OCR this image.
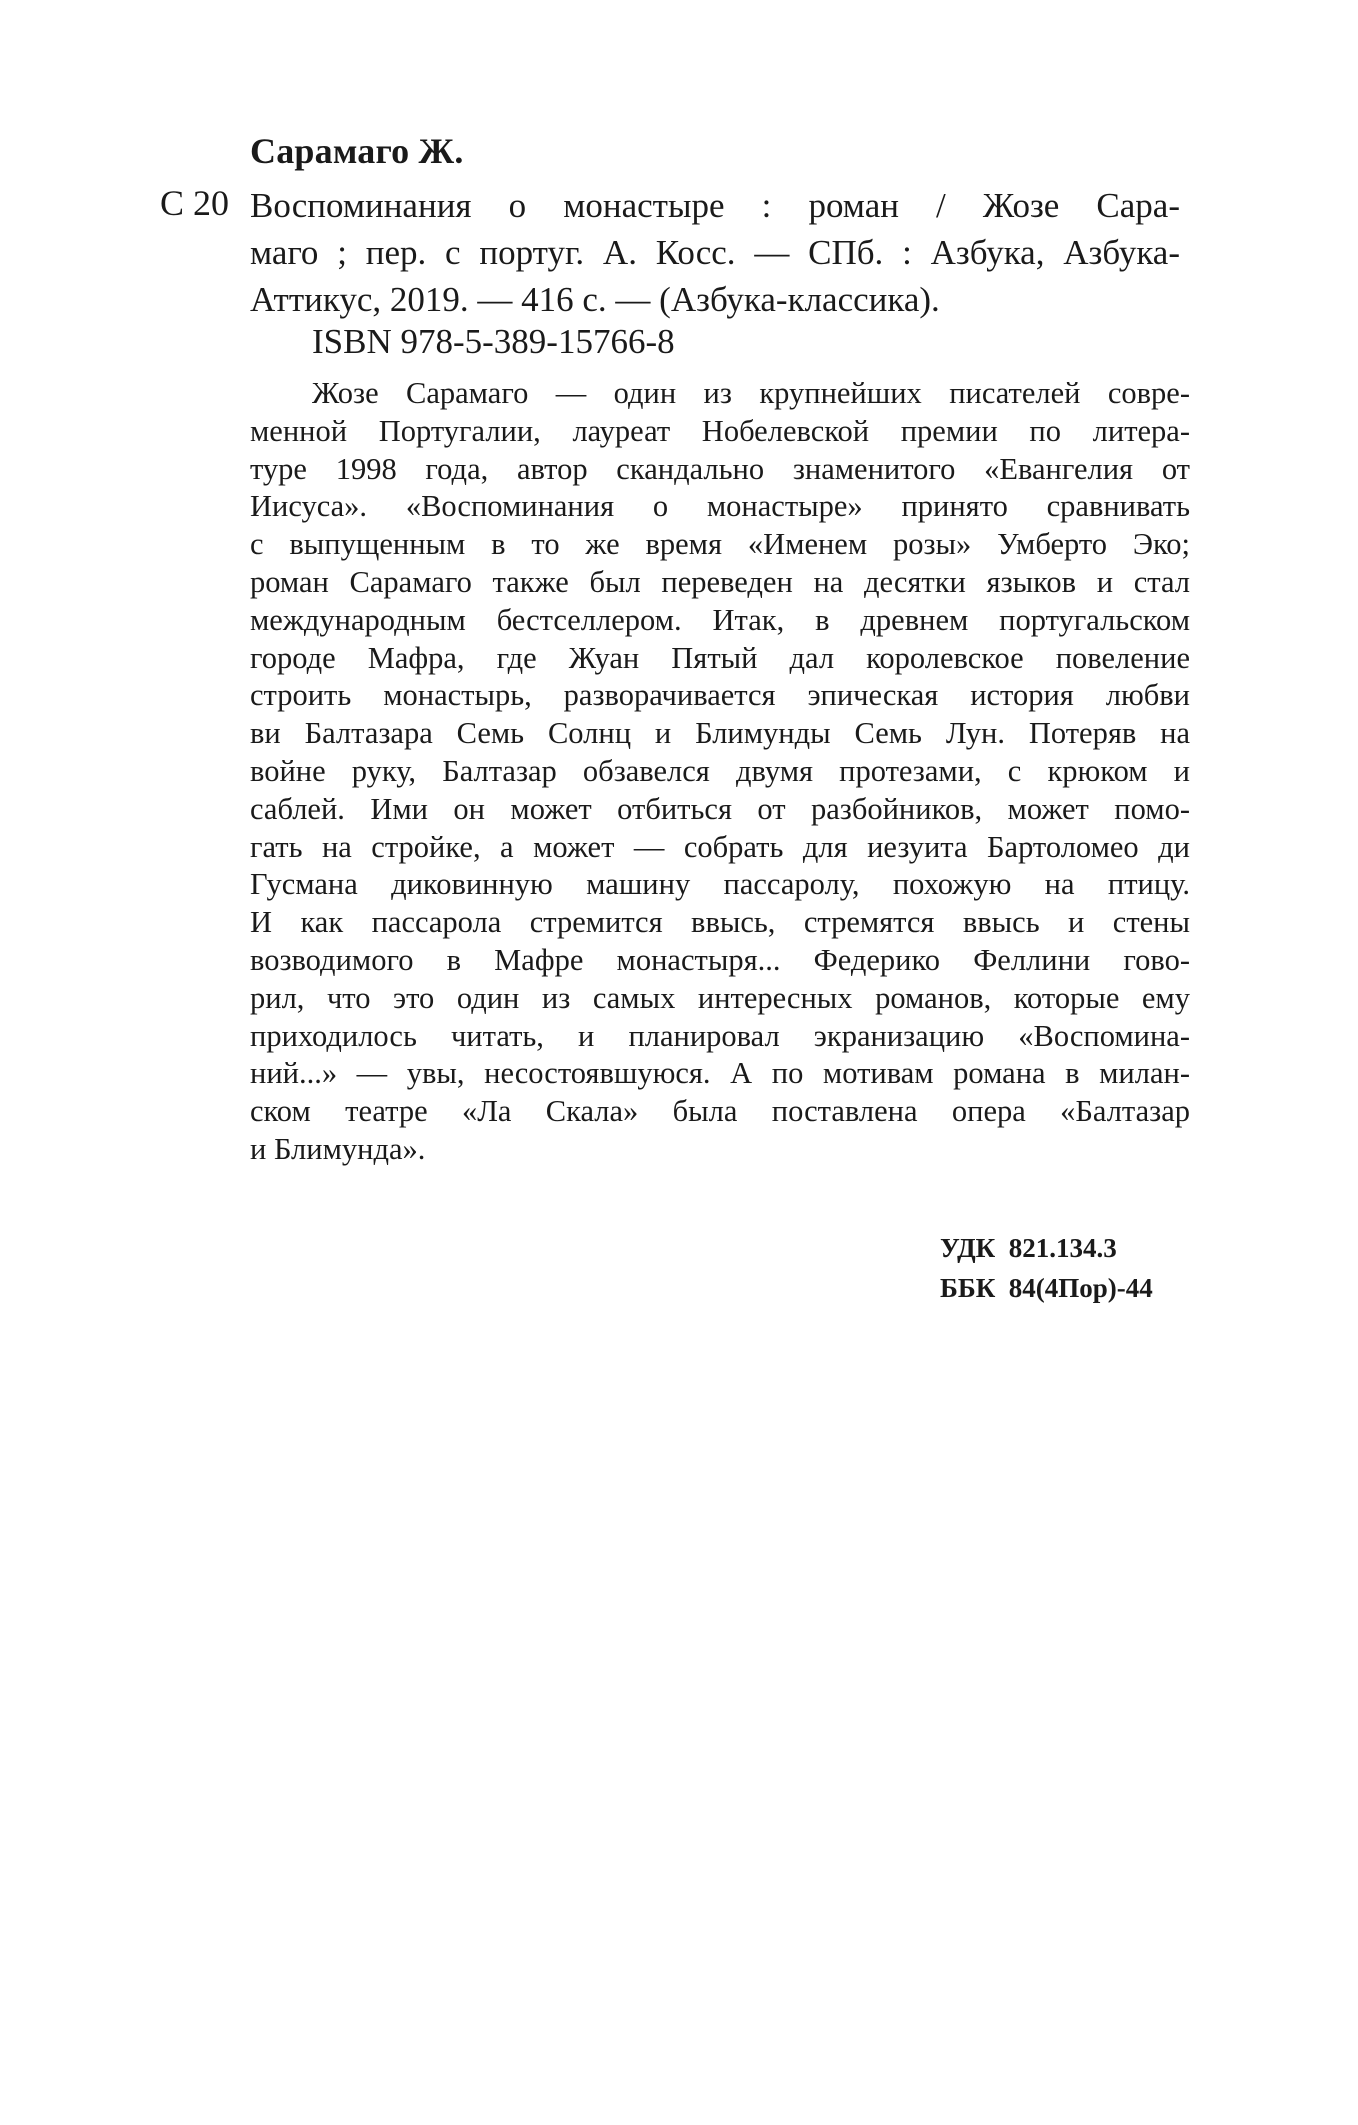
Сарамаго Ж.
С 20 Воспоминания о монастыре : роман / Жозе Сара-
маго ; пер. с португ. А. Косс. — СПб. : Азбука, Азбука-
Аттикус, 2019. — 416 с. — (Азбука-классика).
ISBN 978-5-389-15766-8
Жозе Сарамаго — один из крупнейших писателей совре-
менной Португалии, лауреат Нобелевской премии по литера-
туре 1998 года, автор скандально знаменитого «Евангелия от
Иисуса». «Воспоминания о монастыре» принято сравнивать
с выпущенным в то же время «Именем розы» Умберто Эко;
роман Сарамаго также был переведен на десятки языков и стал
международным бестселлером. Итак, в древнем португальском
городе Мафра, где Жуан Пятый дал королевское повеление
строить монастырь, разворачивается эпическая история любви
ви Балтазара Семь Солнц и Блимунды Семь Лун. Потеряв на
войне руку, Балтазар обзавелся двумя протезами, с крюком и
саблей. Ими он может отбиться от разбойников, может помо-
гать на стройке, а может — собрать для иезуита Бартоломео ди
Гусмана диковинную машину пассаролу, похожую на птицу.
И как пассарола стремится ввысь, стремятся ввысь и стены
возводимого в Мафре монастыря... Федерико Феллини гово-
рил, что это один из самых интересных романов, которые ему
приходилось читать, и планировал экранизацию «Воспомина-
ний...» — увы, несостоявшуюся. А по мотивам романа в милан-
ском театре «Ла Скала» была поставлена опера «Балтазар
и Блимунда».
УДК  821.134.3
ББК  84(4Пор)-44
